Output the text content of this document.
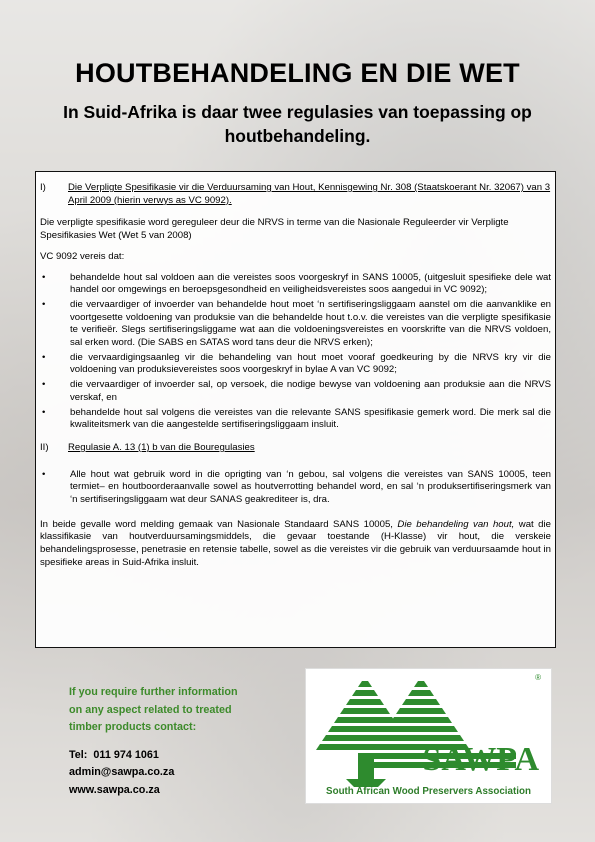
HOUTBEHANDELING EN DIE WET
In Suid-Afrika is daar twee regulasies van toepassing op houtbehandeling.
I)	Die Verpligte Spesifikasie vir die Verduursaming van Hout, Kennisgewing Nr. 308 (Staatskoerant Nr. 32067) van 3 April 2009 (hierin verwys as VC 9092).

Die verpligte spesifikasie word gereguleer deur die NRVS in terme van die Nasionale Reguleerder vir Verpligte Spesifikasies Wet (Wet 5 van 2008)

VC 9092 vereis dat:

•	behandelde hout sal voldoen aan die vereistes soos voorgeskryf in SANS 10005, (uitgesluit spesifieke dele wat handel oor omgewings en beroepsgesondheid en veiligheidsvereistes soos aangedui in VC 9092);
•	die vervaardiger of invoerder van behandelde hout moet ‘n sertifiseringsliggaam aanstel om die aanvanklike en voortgesette voldoening van produksie van die behandelde hout t.o.v. die vereistes van die verpligte spesifikasie te verifieër. Slegs sertifiseringsliggame wat aan die voldoeningsvereistes en voorskrifte van die NRVS voldoen, sal erken word. (Die SABS en SATAS word tans deur die NRVS erken);
•	die vervaardigingsaanleg vir die behandeling van hout moet vooraf goedkeuring by die NRVS kry vir die voldoening van produksievereistes soos voorgeskryf in bylae A van VC 9092;
•	die vervaardiger of invoerder sal, op versoek, die nodige bewyse van voldoening aan produksie aan die NRVS verskaf, en
•	behandelde hout sal volgens die vereistes van die relevante SANS spesifikasie gemerk word. Die merk sal die kwaliteitsmerk van die aangestelde sertifiseringsliggaam insluit.
II)	Regulasie A. 13 (1) b van die Bouregulasies
•	Alle hout wat gebruik word in die oprigting van ‘n gebou, sal volgens die vereistes van SANS 10005, teen termiet– en houtboorderaanvalle sowel as houtverrotting behandel word, en sal ‘n produksertifiseringsmerk van ‘n sertifiseringsliggaam wat deur SANAS geakrediteer is, dra.

In beide gevalle word melding gemaak van Nasionale Standaard SANS 10005, Die behandeling van hout, wat die klassifikasie van houtverduursamingsmiddels, die gevaar toestande (H-Klasse) vir hout, die verskeie behandelingsprosesse, penetrasie en retensie tabelle, sowel as die vereistes vir die gebruik van verduursaamde hout in spesifieke areas in Suid-Afrika insluit.

If you require further information
on any aspect related to treated
timber products contact:
Tel: 011 974 1061
admin@sawpa.co.za
www.sawpa.co.za
SAWPA
®
South African Wood Preservers Association
